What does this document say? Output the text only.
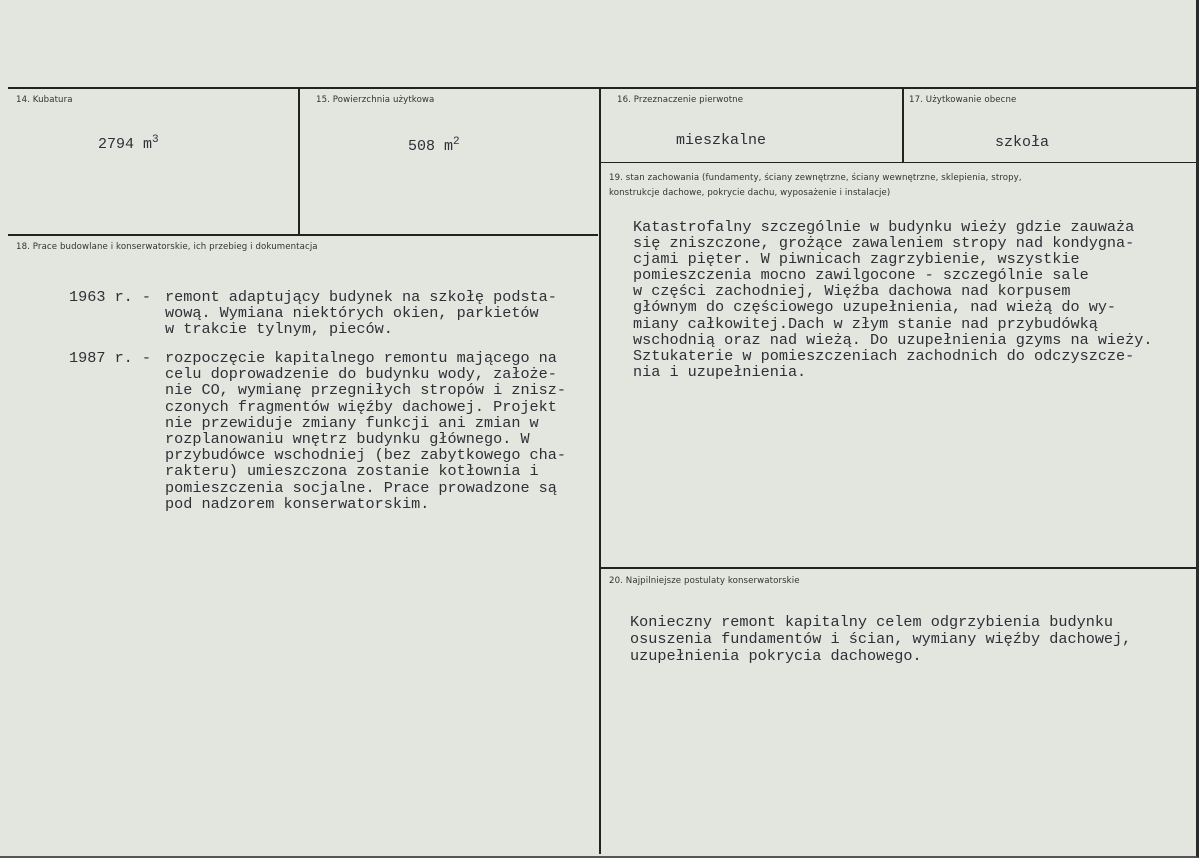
14. Kubatura
2794 $m^3$
15. Powierzchnia użytkowa
508 $m^2$
16. Przeznaczenie pierwotne
mieszkalne
17. Użytkowanie obecne
szkoła
18. Prace budowlane i konserwatorskie, ich przebieg i dokumentacja
1963 r. - remont adaptujący budynek na szkołę podsta-
wową. Wymiana niektórych okien, parkietów
w trakcie tylnym, pieców.
1987 r. - rozpoczęcie kapitalnego remontu mającego na
celu doprowadzenie do budynku wody, założe-
nie CO, wymianę przegniłych stropów i znisz-
czonych fragmentów więźby dachowej. Projekt
nie przewiduje zmiany funkcji ani zmian w
rozplanowaniu wnętrz budynku głównego. W
przybudówce wschodniej (bez zabytkowego cha-
rakteru) umieszczona zostanie kotłownia i
pomieszczenia socjalne. Prace prowadzone są
pod nadzorem konserwatorskim.
19. stan zachowania (fundamenty, ściany zewnętrzne, ściany wewnętrzne, sklepienia, stropy,
konstrukcje dachowe, pokrycie dachu, wyposażenie i instalacje)
Katastrofalny szczególnie w budynku wieży gdzie zauważa
się zniszczone, grożące zawaleniem stropy nad kondygna-
cjami pięter. W piwnicach zagrzybienie, wszystkie
pomieszczenia mocno zawilgocone - szczególnie sale
w części zachodniej, Więźba dachowa nad korpusem
głównym do częściowego uzupełnienia, nad wieżą do wy-
miany całkowitej.Dach w złym stanie nad przybudówką
wschodnią oraz nad wieżą. Do uzupełnienia gzyms na wieży.
Sztukaterie w pomieszczeniach zachodnich do odczyszcze-
nia i uzupełnienia.
20. Najpilniejsze postulaty konserwatorskie
Konieczny remont kapitalny celem odgrzybienia budynku
osuszenia fundamentów i ścian, wymiany więźby dachowej,
uzupełnienia pokrycia dachowego.
